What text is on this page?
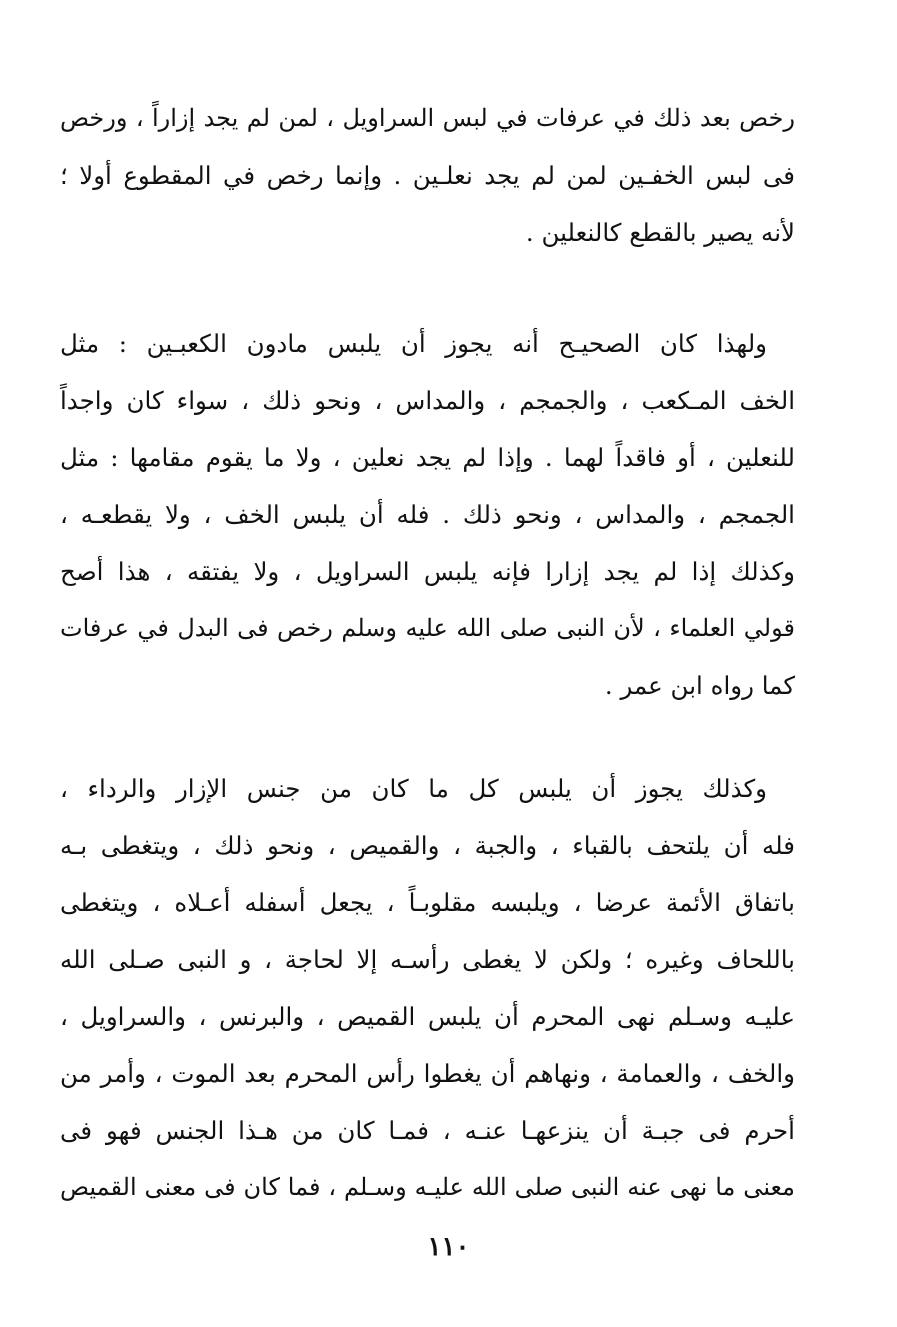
رخص بعد ذلك في عرفات في لبس السراويل ، لمن لم يجد إزاراً ، ورخص
فى لبس الخفـين لمن لم يجد نعلـين . وإنما رخص في المقطوع أولا ؛
لأنه يصير بالقطع كالنعلين .

ولهذا كان الصحيـح أنه يجوز أن يلبس مادون الكعبـين : مثل
الخف المـكعب ، والجمجم ، والمداس ، ونحو ذلك ، سواء كان واجداً
للنعلين ، أو فاقداً لهما . وإذا لم يجد نعلين ، ولا ما يقوم مقامها : مثل
الجمجم ، والمداس ، ونحو ذلك . فله أن يلبس الخف ، ولا يقطعـه ،
وكذلك إذا لم يجد إزارا فإنه يلبس السراويل ، ولا يفتقه ، هذا أصح
قولي العلماء ، لأن النبى صلى الله عليه وسلم رخص فى البدل في عرفات
كما رواه ابن عمر .

وكذلك يجوز أن يلبس كل ما كان من جنس الإزار والرداء ،
فله أن يلتحف بالقباء ، والجبة ، والقميص ، ونحو ذلك ، ويتغطى بـه
باتفاق الأئمة عرضا ، ويلبسه مقلوبـاً ، يجعل أسفله أعـلاه ، ويتغطى
باللحاف وغيره ؛ ولكن لا يغطى رأسـه إلا لحاجة ، و النبى صـلى الله
عليـه وسـلم نهى المحرم أن يلبس القميص ، والبرنس ، والسراويل ،
والخف ، والعمامة ، ونهاهم أن يغطوا رأس المحرم بعد الموت ، وأمر من
أحرم فى جبـة أن ينزعهـا عنـه ، فمـا كان من هـذا الجنس فهو فى
معنى ما نهى عنه النبى صلى الله عليـه وسـلم ، فما كان فى معنى القميص

١١٠
